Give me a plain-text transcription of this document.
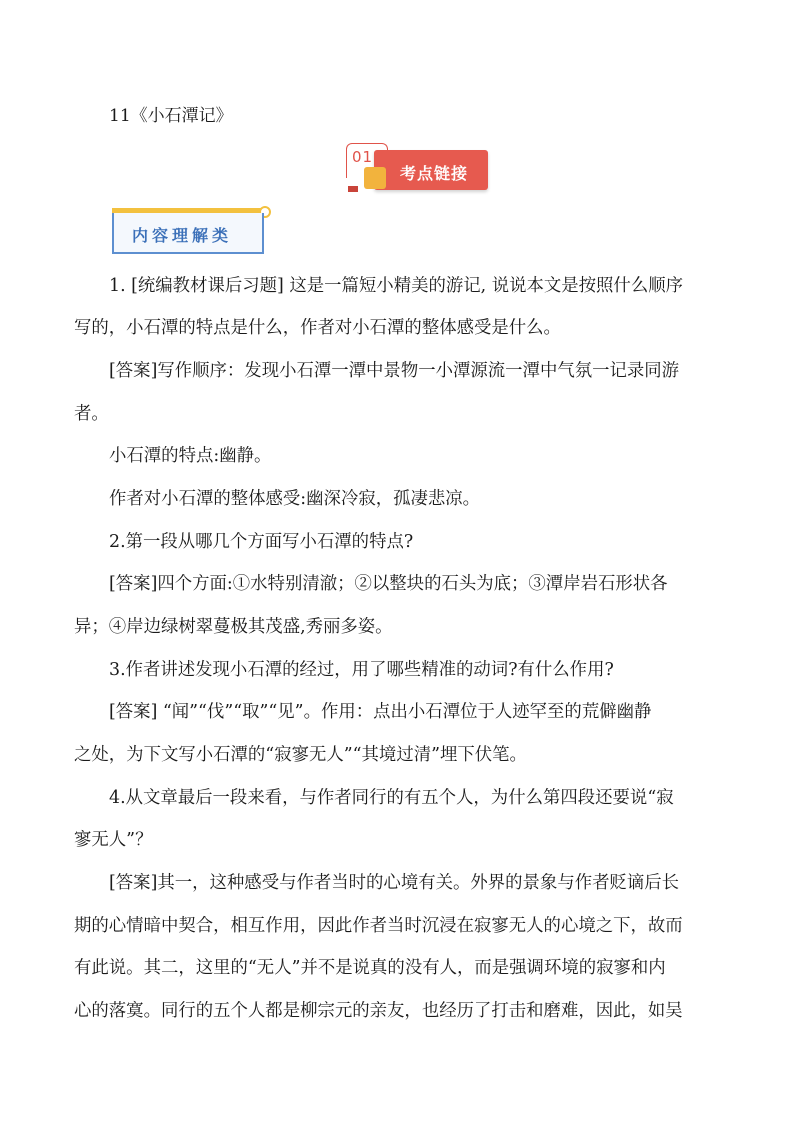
11《小石潭记》
01
考点链接
内容理解类
1. [统编教材课后习题] 这是一篇短小精美的游记, 说说本文是按照什么顺序
写的，小石潭的特点是什么，作者对小石潭的整体感受是什么。
[答案]写作顺序：发现小石潭一潭中景物一小潭源流一潭中气氛一记录同游
者。
小石潭的特点:幽静。
作者对小石潭的整体感受:幽深冷寂，孤凄悲凉。
2.第一段从哪几个方面写小石潭的特点?
[答案]四个方面:①水特别清澈；②以整块的石头为底；③潭岸岩石形状各
异；④岸边绿树翠蔓极其茂盛,秀丽多姿。
3.作者讲述发现小石潭的经过，用了哪些精准的动词?有什么作用?
[答案] “闻”“伐”“取”“见”。作用：点出小石潭位于人迹罕至的荒僻幽静
之处，为下文写小石潭的“寂寥无人”“其境过清”埋下伏笔。
4.从文章最后一段来看，与作者同行的有五个人，为什么第四段还要说“寂
寥无人”？
[答案]其一，这种感受与作者当时的心境有关。外界的景象与作者贬谪后长
期的心情暗中契合，相互作用，因此作者当时沉浸在寂寥无人的心境之下，故而
有此说。其二，这里的“无人”并不是说真的没有人，而是强调环境的寂寥和内
心的落寞。同行的五个人都是柳宗元的亲友，也经历了打击和磨难，因此，如吴
